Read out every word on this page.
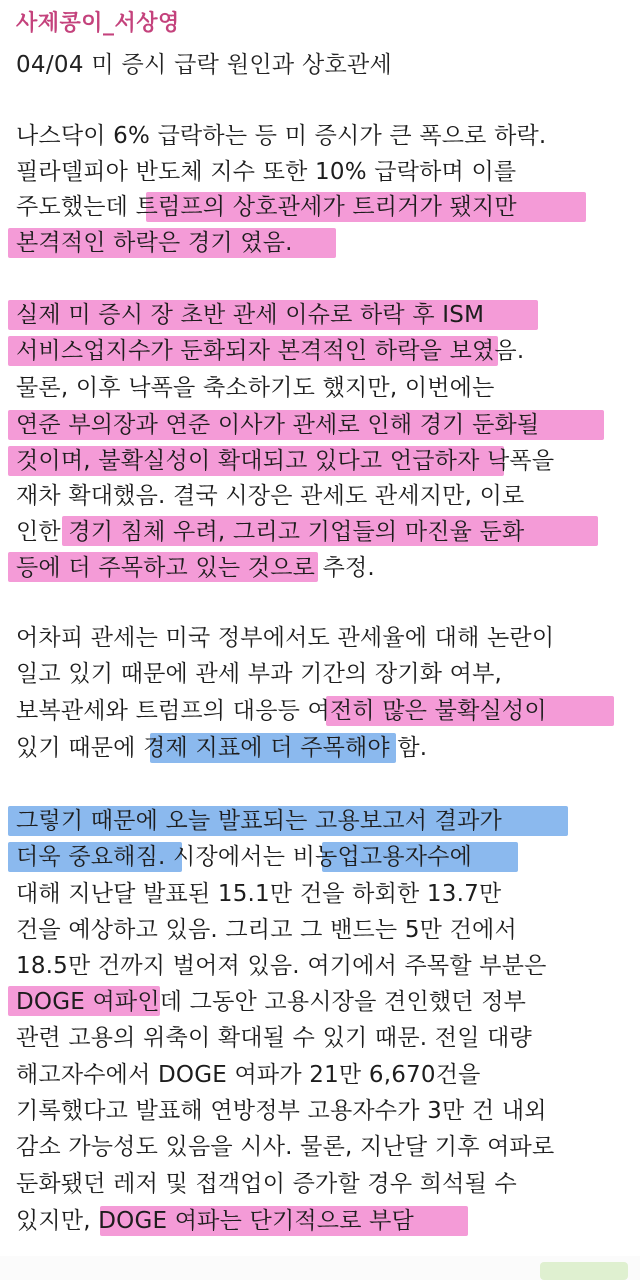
사제콩이_서상영
04/04 미 증시 급락 원인과 상호관세
나스닥이 6% 급락하는 등 미 증시가 큰 폭으로 하락.
필라델피아 반도체 지수 또한 10% 급락하며 이를
주도했는데 트럼프의 상호관세가 트리거가 됐지만
본격적인 하락은 경기 였음.
실제 미 증시 장 초반 관세 이슈로 하락 후 ISM
서비스업지수가 둔화되자 본격적인 하락을 보였음.
물론, 이후 낙폭을 축소하기도 했지만, 이번에는
연준 부의장과 연준 이사가 관세로 인해 경기 둔화될
것이며, 불확실성이 확대되고 있다고 언급하자 낙폭을
재차 확대했음. 결국 시장은 관세도 관세지만, 이로
인한 경기 침체 우려, 그리고 기업들의 마진율 둔화
등에 더 주목하고 있는 것으로 추정.
어차피 관세는 미국 정부에서도 관세율에 대해 논란이
일고 있기 때문에 관세 부과 기간의 장기화 여부,
보복관세와 트럼프의 대응등 여전히 많은 불확실성이
있기 때문에 경제 지표에 더 주목해야 함.
그렇기 때문에 오늘 발표되는 고용보고서 결과가
더욱 중요해짐. 시장에서는 비농업고용자수에
대해 지난달 발표된 15.1만 건을 하회한 13.7만
건을 예상하고 있음. 그리고 그 밴드는 5만 건에서
18.5만 건까지 벌어져 있음. 여기에서 주목할 부분은
DOGE 여파인데 그동안 고용시장을 견인했던 정부
관련 고용의 위축이 확대될 수 있기 때문. 전일 대량
해고자수에서 DOGE 여파가 21만 6,670건을
기록했다고 발표해 연방정부 고용자수가 3만 건 내외
감소 가능성도 있음을 시사. 물론, 지난달 기후 여파로
둔화됐던 레저 및 접객업이 증가할 경우 희석될 수
있지만, DOGE 여파는 단기적으로 부담
